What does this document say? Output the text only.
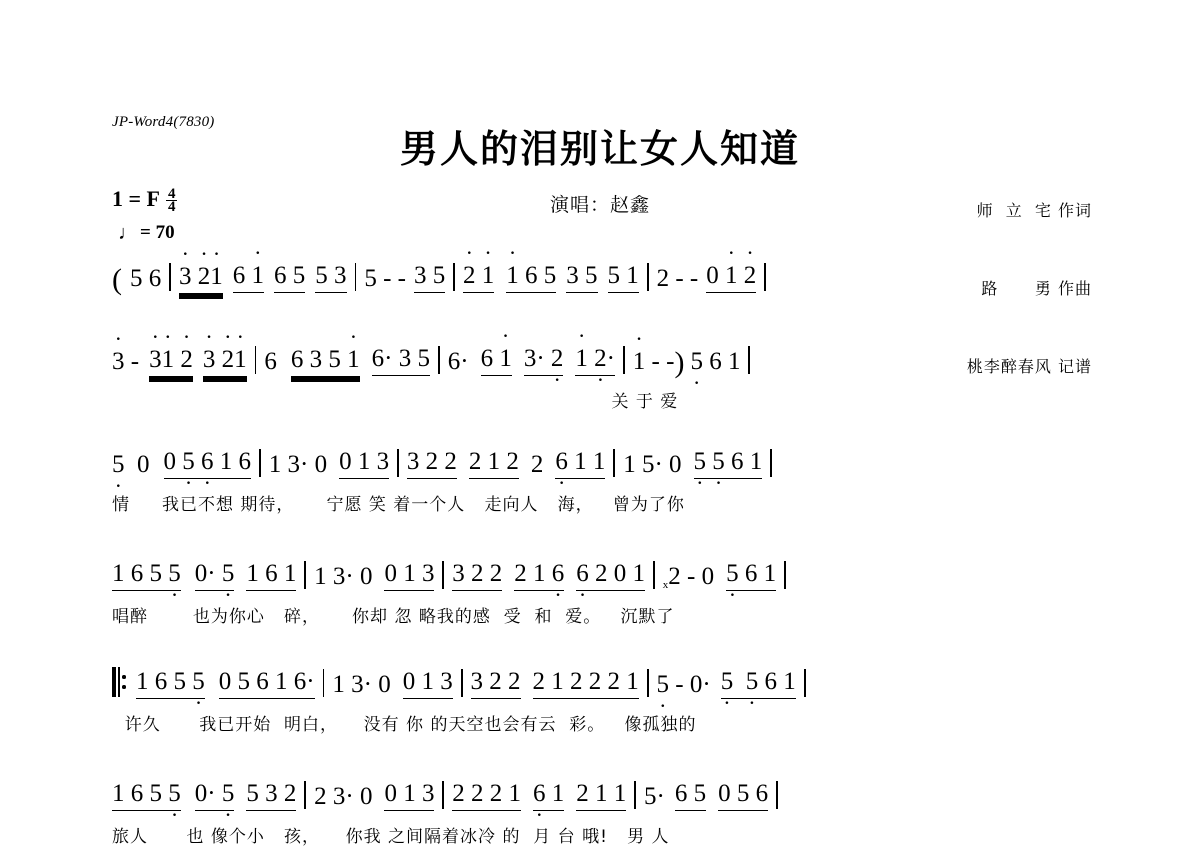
JP-Word4(7830)
男人的泪别让女人知道
演唱：赵鑫

	师  立  宅 作词

路      勇 作曲

桃李醉春风 记谱

1 = F $\frac{4}{4}$
♩ = 70
( 5 6 3 · 2 ·1 · 6 1 · 6 5 5 3 5 - - 3 5 2 · 1 · 1 · 6 5 3 5 5 1 2 - - 0 1 · 2 ·
3 · - 3 ·1 · 2 · 3 · 2 ·1 · 6 6 3 5 1 · 6· 3 5 6· 6 1 · 3· 2 · 1 · 2 ·· 1 · - - ) 5 · 6 1
关 于 爱
5 ·  0 0 5 · 6 · 1 6 1 3· 0 0 1 3 3 2 2 2 1 2 2 6 · 1 1 1 5· 0 5 · 5 · 6 1
情     我已不想 期待，     宁愿 笑 着一个人   走向人   海，   曾为了你
1 6 5 5 · 0· 5 · 1 6 1 1 3· 0 0 1 3 3 2 2 2 1 6 · 6 · 2 0 1 x 2 - 0 5 · 6 1
唱醉       也为你心   碎，     你却 忽 略我的感  受  和  爱。   沉默了

1 6 5 5 · 0 5 6 1 6· 1 3· 0 0 1 3 3 2 2 2 1 2 2 2 1 5 · - 0· 5 · 5 · 6 1
许久      我已开始  明白，    没有 你 的天空也会有云  彩。   像孤独的
1 6 5 5 · 0· 5 · 5 3 2 2 3· 0 0 1 3 2 2 2 1 6 · 1 2 1 1 5· 6 5 0 5 6
旅人      也 像个小   孩，    你我 之间隔着冰冷 的  月 台 哦!   男 人
